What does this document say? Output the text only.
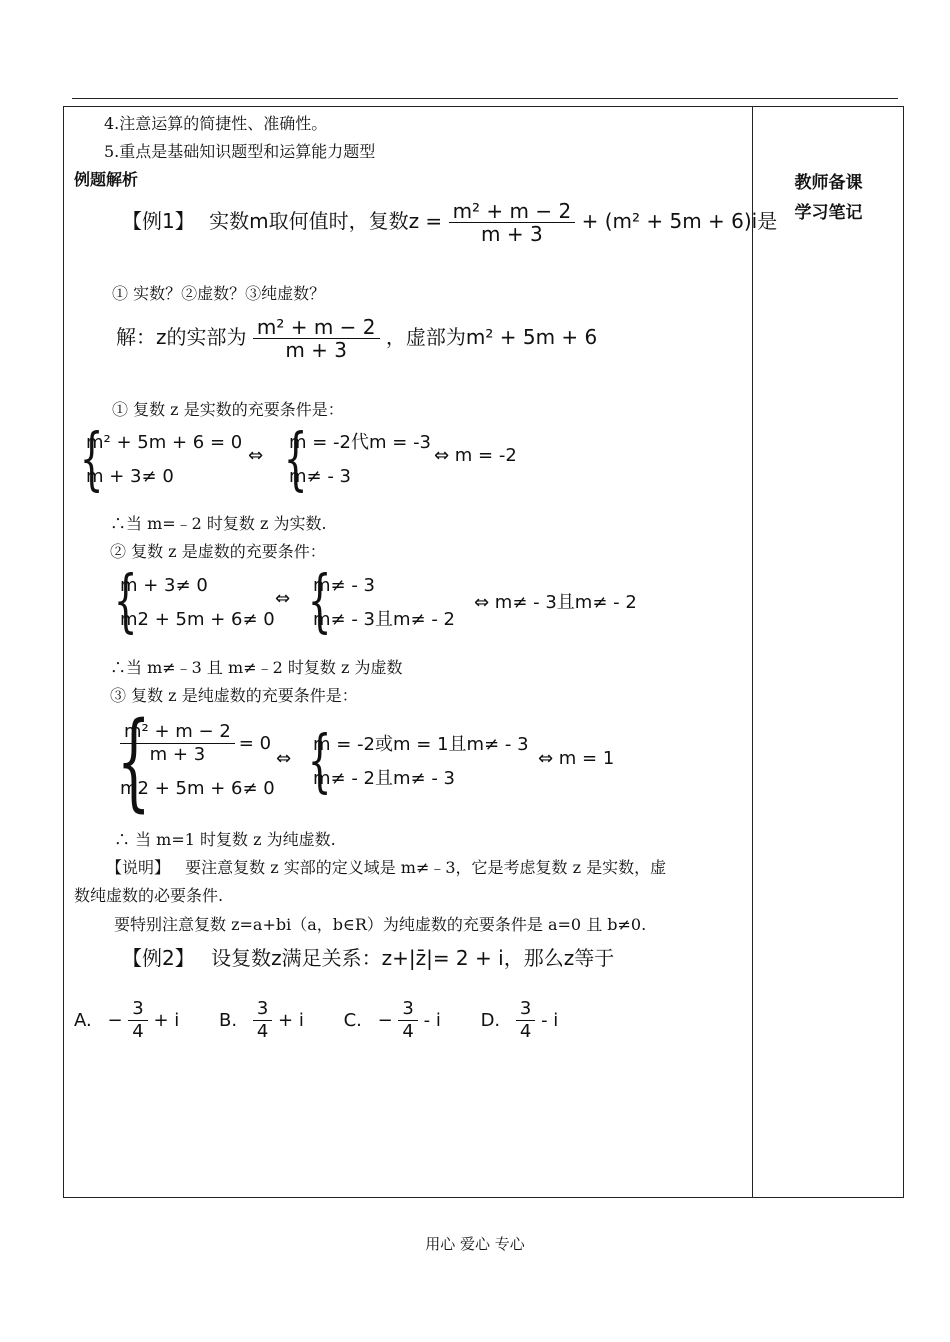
教师备课
学习笔记
4.注意运算的简捷性、准确性。
5.重点是基础知识题型和运算能力题型
例题解析
【例1】 实数m取何值时，复数$z = \frac{\text{m² + m − 2}}{m + 3} + (m^2 + 5m + 6)i$是
① 实数？②虚数？③纯虚数？
解：z的实部为 $\frac{\text{m² + m − 2}}{m + 3}$ ，虚部为m² + 5m + 6
① 复数 z 是实数的充要条件是：
{
m² + 5m + 6 = 0
m + 3≠ 0
⇔ {
m = -2代m = -3
m≠ - 3
⇔ m = -2
∴当 m=﹣2 时复数 z 为实数.
② 复数 z 是虚数的充要条件：
{
m + 3≠ 0
m2 + 5m + 6≠ 0
⇔ {
m≠ - 3
m≠ - 3且m≠ - 2
⇔ m≠ - 3且m≠ - 2
∴当 m≠﹣3 且 m≠﹣2 时复数 z 为虚数
③ 复数 z 是纯虚数的充要条件是：
{
$\frac{\text{m² + m − 2}}{m + 3} = 0$
m2 + 5m + 6≠ 0
⇔ {
m = -2或m = 1且m≠ - 3
m≠ - 2且m≠ - 3
⇔ m = 1
∴ 当 m=1 时复数 z 为纯虚数.
【说明】 要注意复数 z 实部的定义域是 m≠﹣3，它是考虑复数 z 是实数，虚
数纯虚数的必要条件.
要特别注意复数 z=a+bi（a，b∈R）为纯虚数的充要条件是 a=0 且 b≠0.
【例2】 设复数z满足关系：z+|z̄|= 2 + i，那么z等于
A. − $\frac{3}{4} + i$ B. $\frac{3}{4} + i$ C. − $\frac{3}{4}$ - i D. $\frac{3}{4}$ - i
用心 爱心 专心
